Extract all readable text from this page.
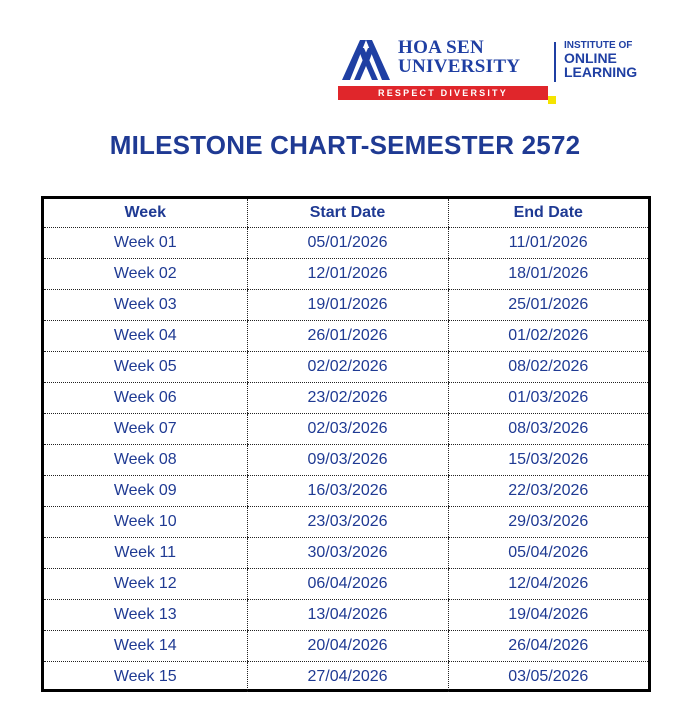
HOA SEN
UNIVERSITY
INSTITUTE OF
ONLINE
LEARNING
RESPECT DIVERSITY
MILESTONE CHART-SEMESTER 2572
Week	Start Date	End Date
Week 01	05/01/2026	11/01/2026
Week 02	12/01/2026	18/01/2026
Week 03	19/01/2026	25/01/2026
Week 04	26/01/2026	01/02/2026
Week 05	02/02/2026	08/02/2026
Week 06	23/02/2026	01/03/2026
Week 07	02/03/2026	08/03/2026
Week 08	09/03/2026	15/03/2026
Week 09	16/03/2026	22/03/2026
Week 10	23/03/2026	29/03/2026
Week 11	30/03/2026	05/04/2026
Week 12	06/04/2026	12/04/2026
Week 13	13/04/2026	19/04/2026
Week 14	20/04/2026	26/04/2026
Week 15	27/04/2026	03/05/2026
